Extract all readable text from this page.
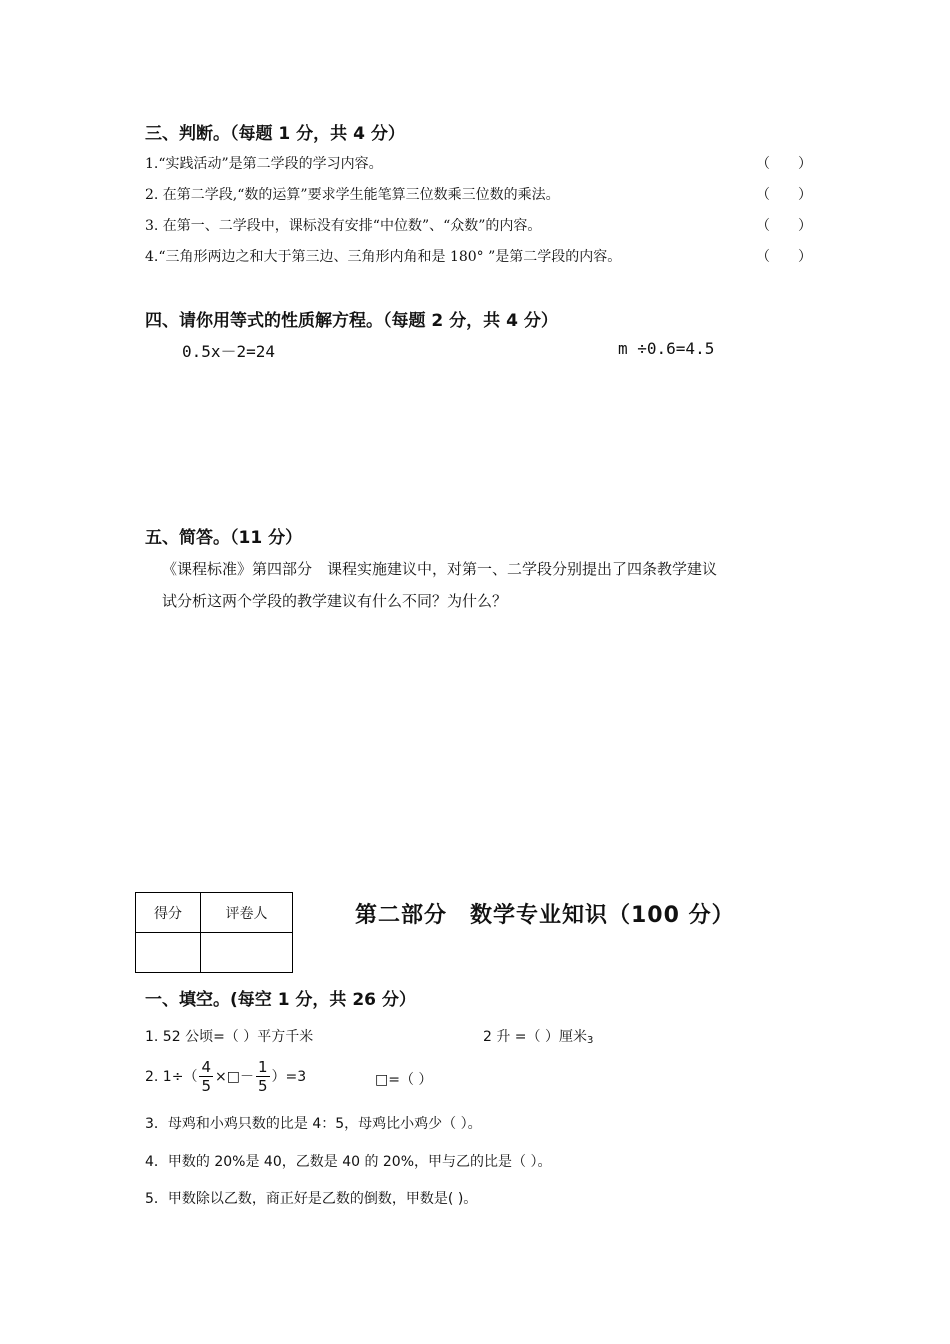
三、判断。（每题 1 分，共 4 分）
1.“实践活动”是第二学段的学习内容。	（　　）
2. 在第二学段,“数的运算”要求学生能笔算三位数乘三位数的乘法。	（　　）
3. 在第一、二学段中，课标没有安排“中位数”、“众数”的内容。	（　　）
4.“三角形两边之和大于第三边、三角形内角和是 180° ”是第二学段的内容。	（　　）
四、请你用等式的性质解方程。（每题 2 分，共 4 分）
0.5x－2=24	m ÷0.6=4.5
五、简答。（11 分）
《课程标准》第四部分　课程实施建议中，对第一、二学段分别提出了四条教学建议
试分析这两个学段的教学建议有什么不同？为什么？
得分	评卷人
		第二部分　数学专业知识（100 分）
一、填空。(每空 1 分，共 26 分）
1. 52 公顷=（ ）平方千米	2 升 =（ ）厘米$_3$
2. $1\div( \frac{4}{5}$ ×□－ $\frac{1}{5} )=3$	□=（ ）
3．母鸡和小鸡只数的比是 4：5，母鸡比小鸡少（ ）。
4．甲数的 20%是 40，乙数是 40 的 20%，甲与乙的比是（ ）。
5．甲数除以乙数，商正好是乙数的倒数，甲数是( )。
